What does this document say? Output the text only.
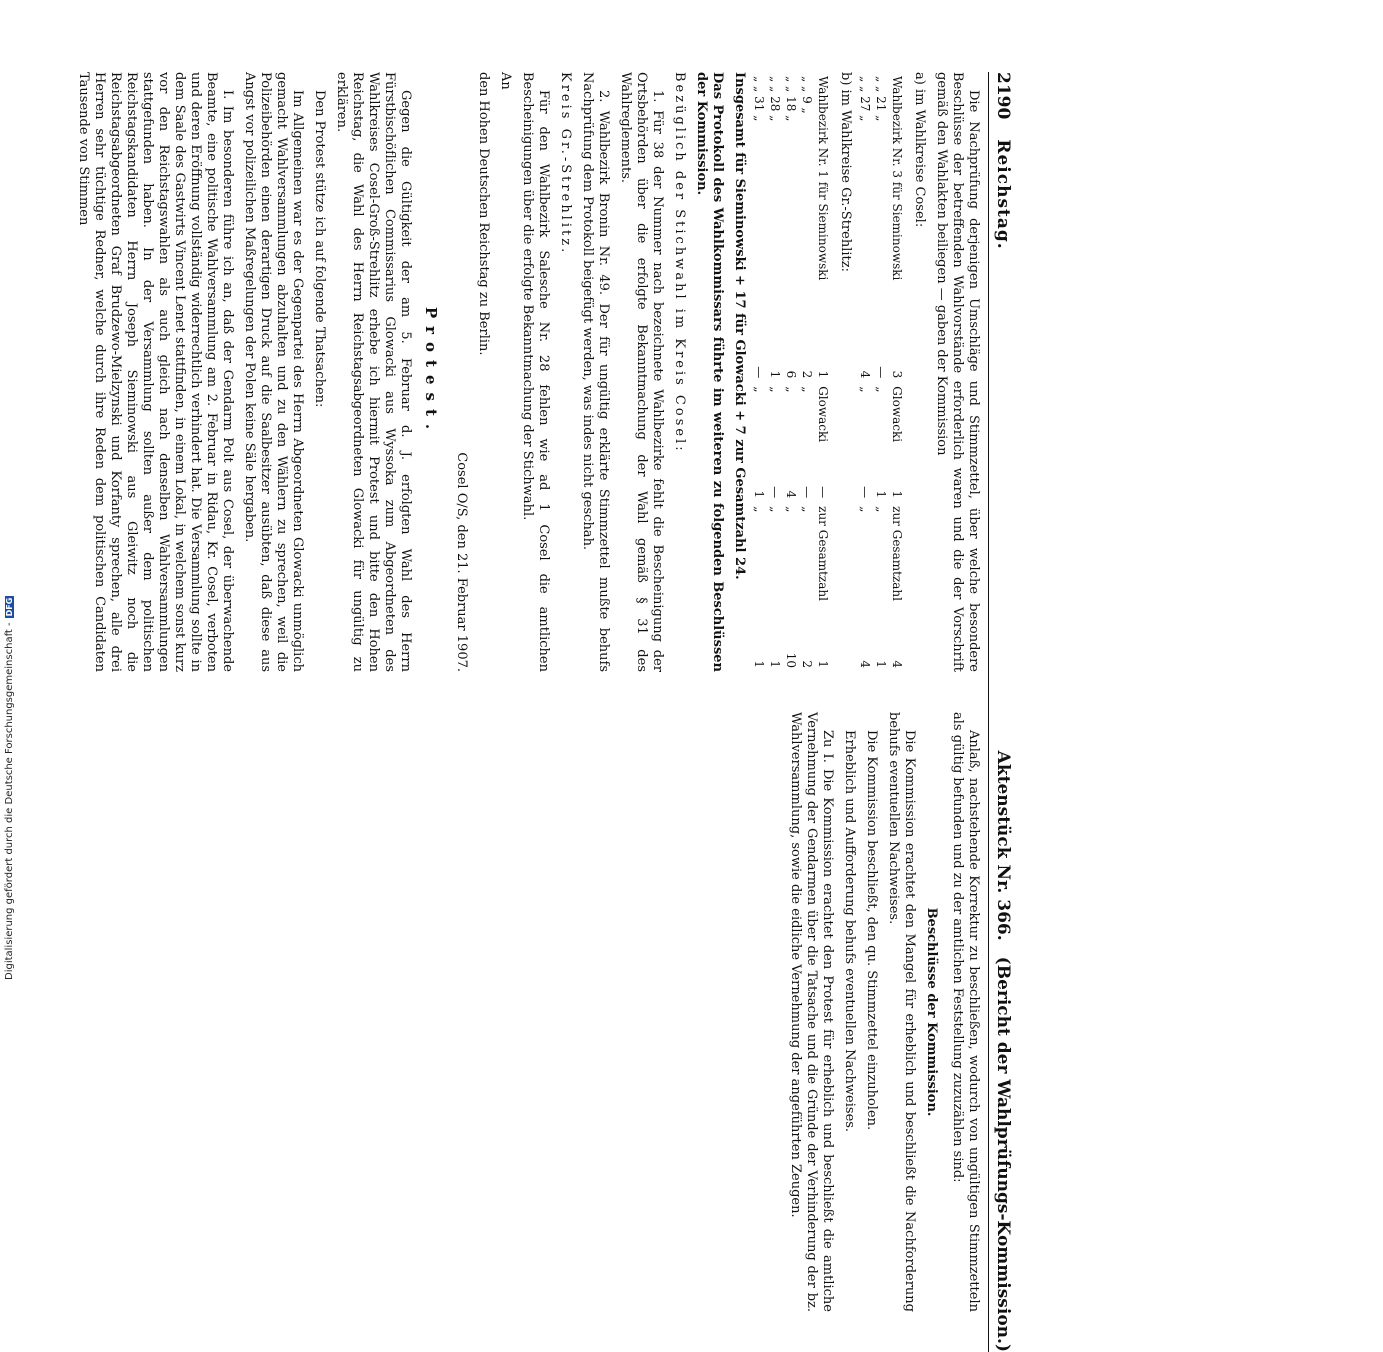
2190
Reichstag.
Aktenstück Nr. 366.
(Bericht der Wahlprüfungs-Kommission.)

Die Nachprüfung derjenigen Umschläge und Stimmzettel, über welche besondere Beschlüsse der betreffenden Wahlvorstände erforderlich waren und die der Vorschrift gemäß den Wahlakten beiliegen — gaben der Kommission

a) im Wahlkreise Cosel:

Wahlbezirk Nr. 3 für Sieminowski	3	Glowacki	1	zur Gesamtzahl	4
„ „ 21 „	—	„	1	„	1
„ „ 27 „	4	„	—	„	4

b) im Wahlkreise Gr.-Strehlitz:

Wahlbezirk Nr. 1 für Sieminowski	1	Glowacki	—	zur Gesamtzahl	1
„ „ 9 „	2	„	—	„	2
„ „ 18 „	6	„	4	„	10
„ „ 28 „	1	„	—	„	1
„ „ 31 „	—	„	1	„	1

Insgesamt für Sieminowski + 17 für Glowacki + 7 zur Gesamtzahl 24.

Das Protokoll des Wahlkommissars führte im weiteren zu folgenden Beschlüssen der Kommission.

Bezüglich der Stichwahl im Kreis Cosel:

1. Für 38 der Nummer nach bezeichnete Wahlbezirke fehlt die Bescheinigung der Ortsbehörden über die erfolgte Bekanntmachung der Wahl gemäß § 31 des Wahlreglements.

2. Wahlbezirk Bronin Nr. 49. Der für ungültig erklärte Stimmzettel mußte behufs Nachprüfung dem Protokoll beigefügt werden, was indes nicht geschah.

Kreis Gr.-Strehlitz.

Für den Wahlbezirk Salesche Nr. 28 fehlen wie ad 1 Cosel die amtlichen Bescheinigungen über die erfolgte Bekanntmachung der Stichwahl.

An

den Hohen Deutschen Reichstag zu Berlin.

Cosel O/S, den 21. Februar 1907.

Protest.

Gegen die Gültigkeit der am 5. Februar d. J. erfolgten Wahl des Herrn Fürstbischöflichen Commissarius Glowacki aus Wyssoka zum Abgeordneten des Wahlkreises Cosel-Groß-Strehlitz erhebe ich hiermit Protest und bitte den Hohen Reichstag, die Wahl des Herrn Reichstagsabgeordneten Glowacki für ungültig zu erklären.

Den Protest stütze ich auf folgende Thatsachen:

Im Allgemeinen war es der Gegenpartei des Herrn Abgeordneten Glowacki unmöglich gemacht Wahlversammlungen abzuhalten und zu den Wählern zu sprechen, weil die Polizeibehörden einen derartigen Druck auf die Saalbesitzer ausübten, daß diese aus Angst vor polizeilichen Maßregelungen der Polen keine Säle hergaben.

I. Im besonderen führe ich an, daß der Gendarm Polt aus Cosel, der überwachende Beamte, eine politische Wahlversammlung am 2. Februar in Ridau, Kr. Cosel, verboten und deren Eröffnung vollständig widerrechtlich verhindert hat. Die Versammlung sollte in dem Saale des Gastwirts Vincent Lenet stattfinden, in einem Lokal, in welchem sonst kurz vor den Reichstagswahlen als auch gleich nach denselben Wahlversammlungen stattgefunden haben. In der Versammlung sollten außer dem politischen Reichstagskandidaten Herrn Joseph Sieminowski aus Gleiwitz noch die Reichstagsabgeordneten Graf Brudzewo-Mielzynski und Korfanty sprechen, alle drei Herren sehr tüchtige Redner, welche durch ihre Reden dem politischen Candidaten Tausende von Stimmen

Anlaß, nachstehende Korrektur zu beschließen, wodurch von ungültigen Stimmzetteln als gültig befunden und zu der amtlichen Feststellung zuzuzählen sind:

Beschlüsse der Kommission.

Die Kommission erachtet den Mangel für erheblich und beschließt die Nachforderung behufs eventuellen Nachweises.

Die Kommission beschließt, den qu. Stimmzettel einzuholen.

Erheblich und Aufforderung behufs eventuellen Nachweises.

Zu I. Die Kommission erachtet den Protest für erheblich und beschließt die amtliche Vernehmung der Gendarmen über die Tatsache und die Gründe der Verhinderung der bz. Wahlversammlung, sowie die eidliche Vernehmung der angeführten Zeugen.

Digitalisierung gefördert durch die Deutsche Forschungsgemeinschaft -
DFG
